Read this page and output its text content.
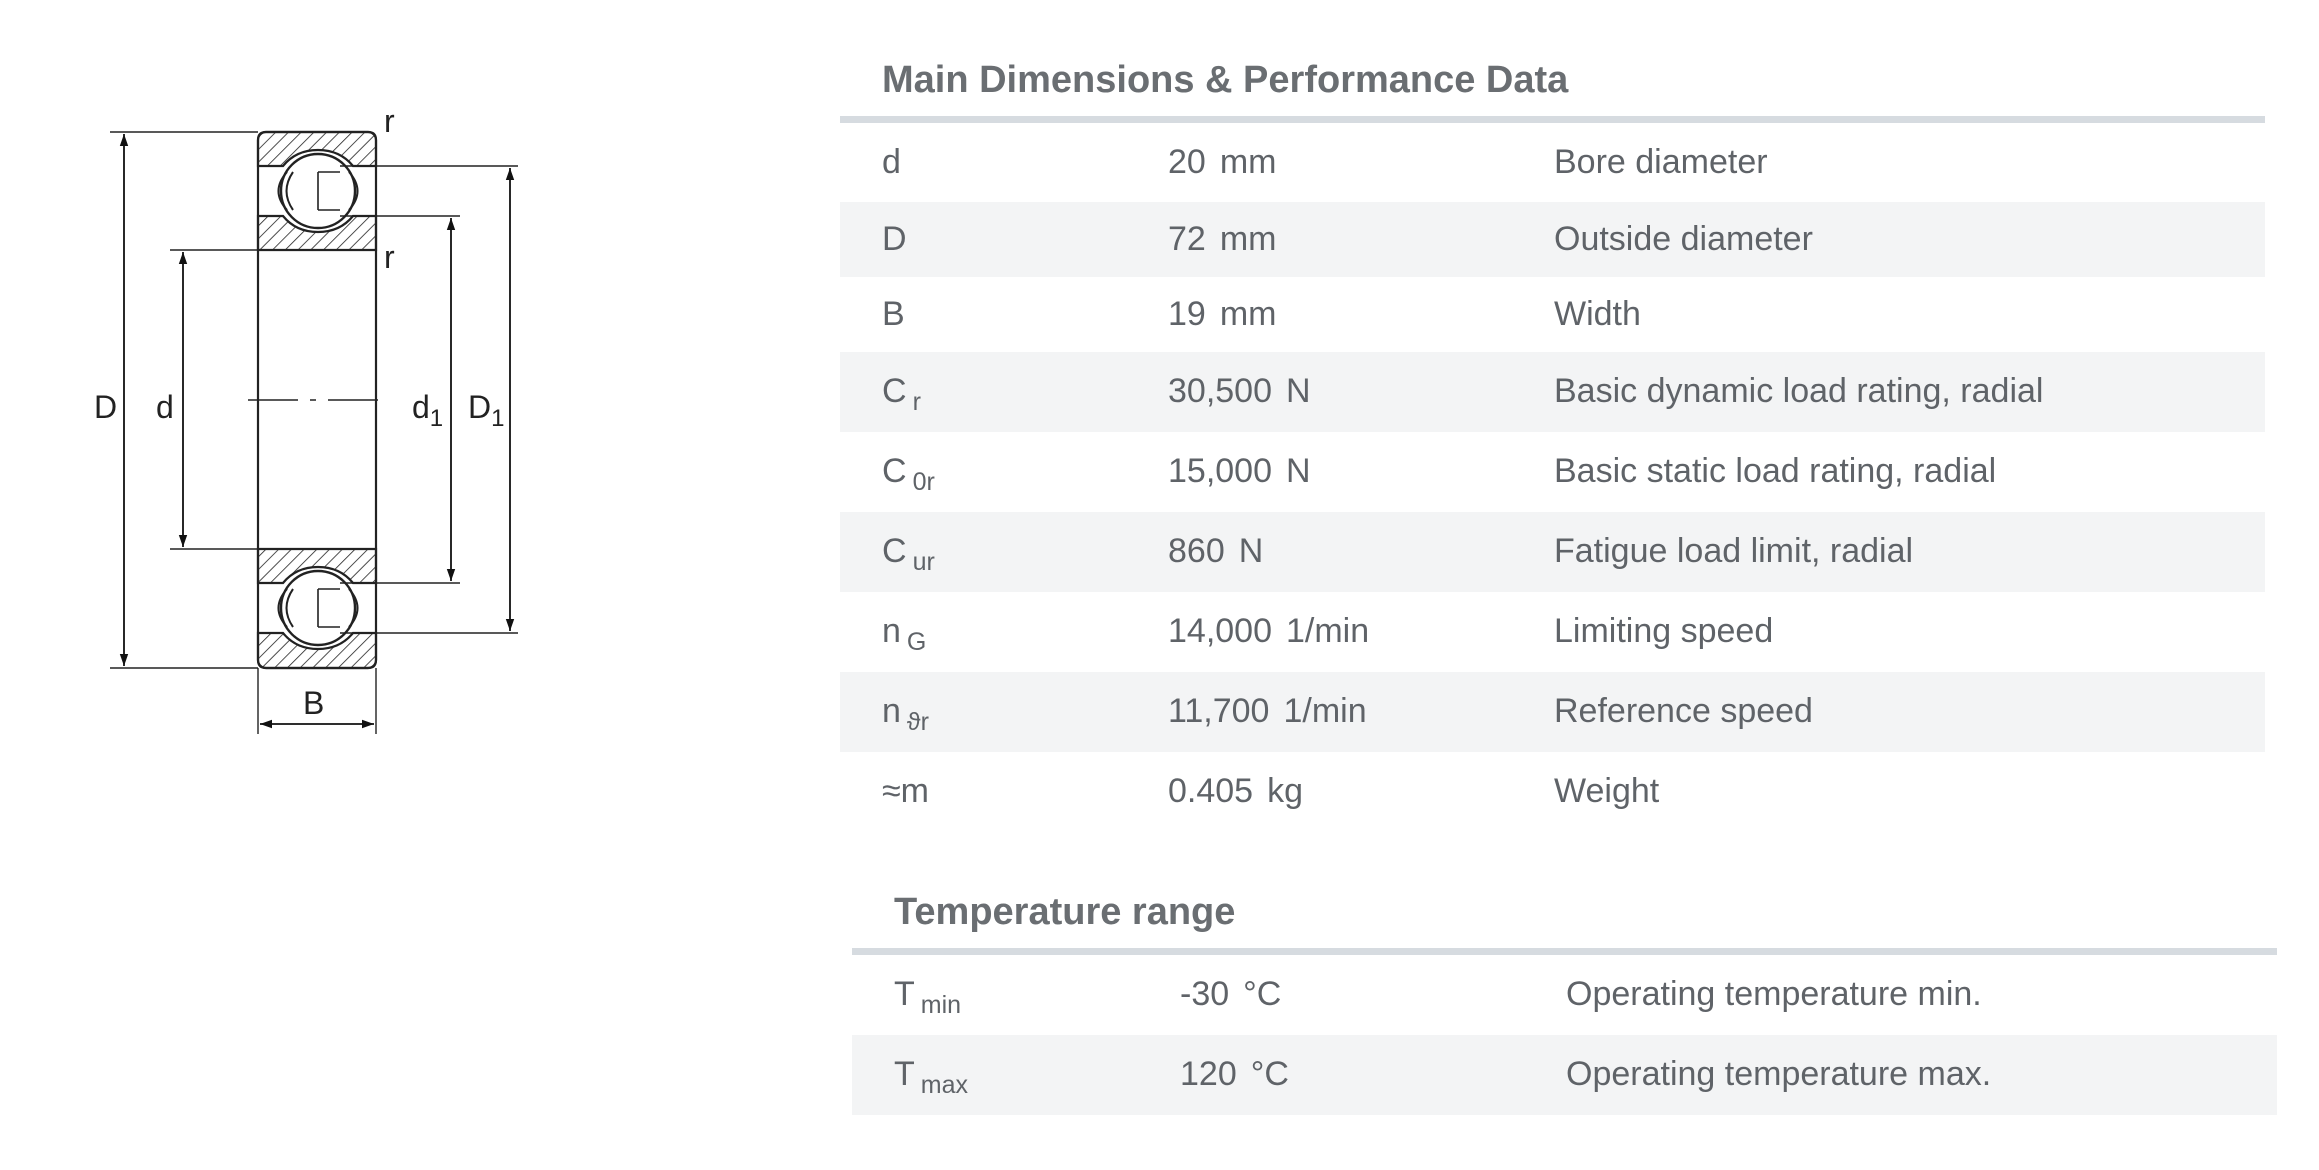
D d	$d_1$ $D_1$
r
r
B
Main Dimensions & Performance Data
d	20 mm	Bore diameter
D	72 mm	Outside diameter
B	19 mm	Width
C $_r$	30,500 N	Basic dynamic load rating, radial
C $_{0r}$	15,000 N	Basic static load rating, radial
C $_{ur}$	860 N	Fatigue load limit, radial
n $_G$	14,000 1/min	Limiting speed
n $_{ϑr}$	11,700 1/min	Reference speed
≈m	0.405 kg	Weight
Temperature range
T $_{min}$	-30 °C	Operating temperature min.
T $_{max}$	120 °C	Operating temperature max.
